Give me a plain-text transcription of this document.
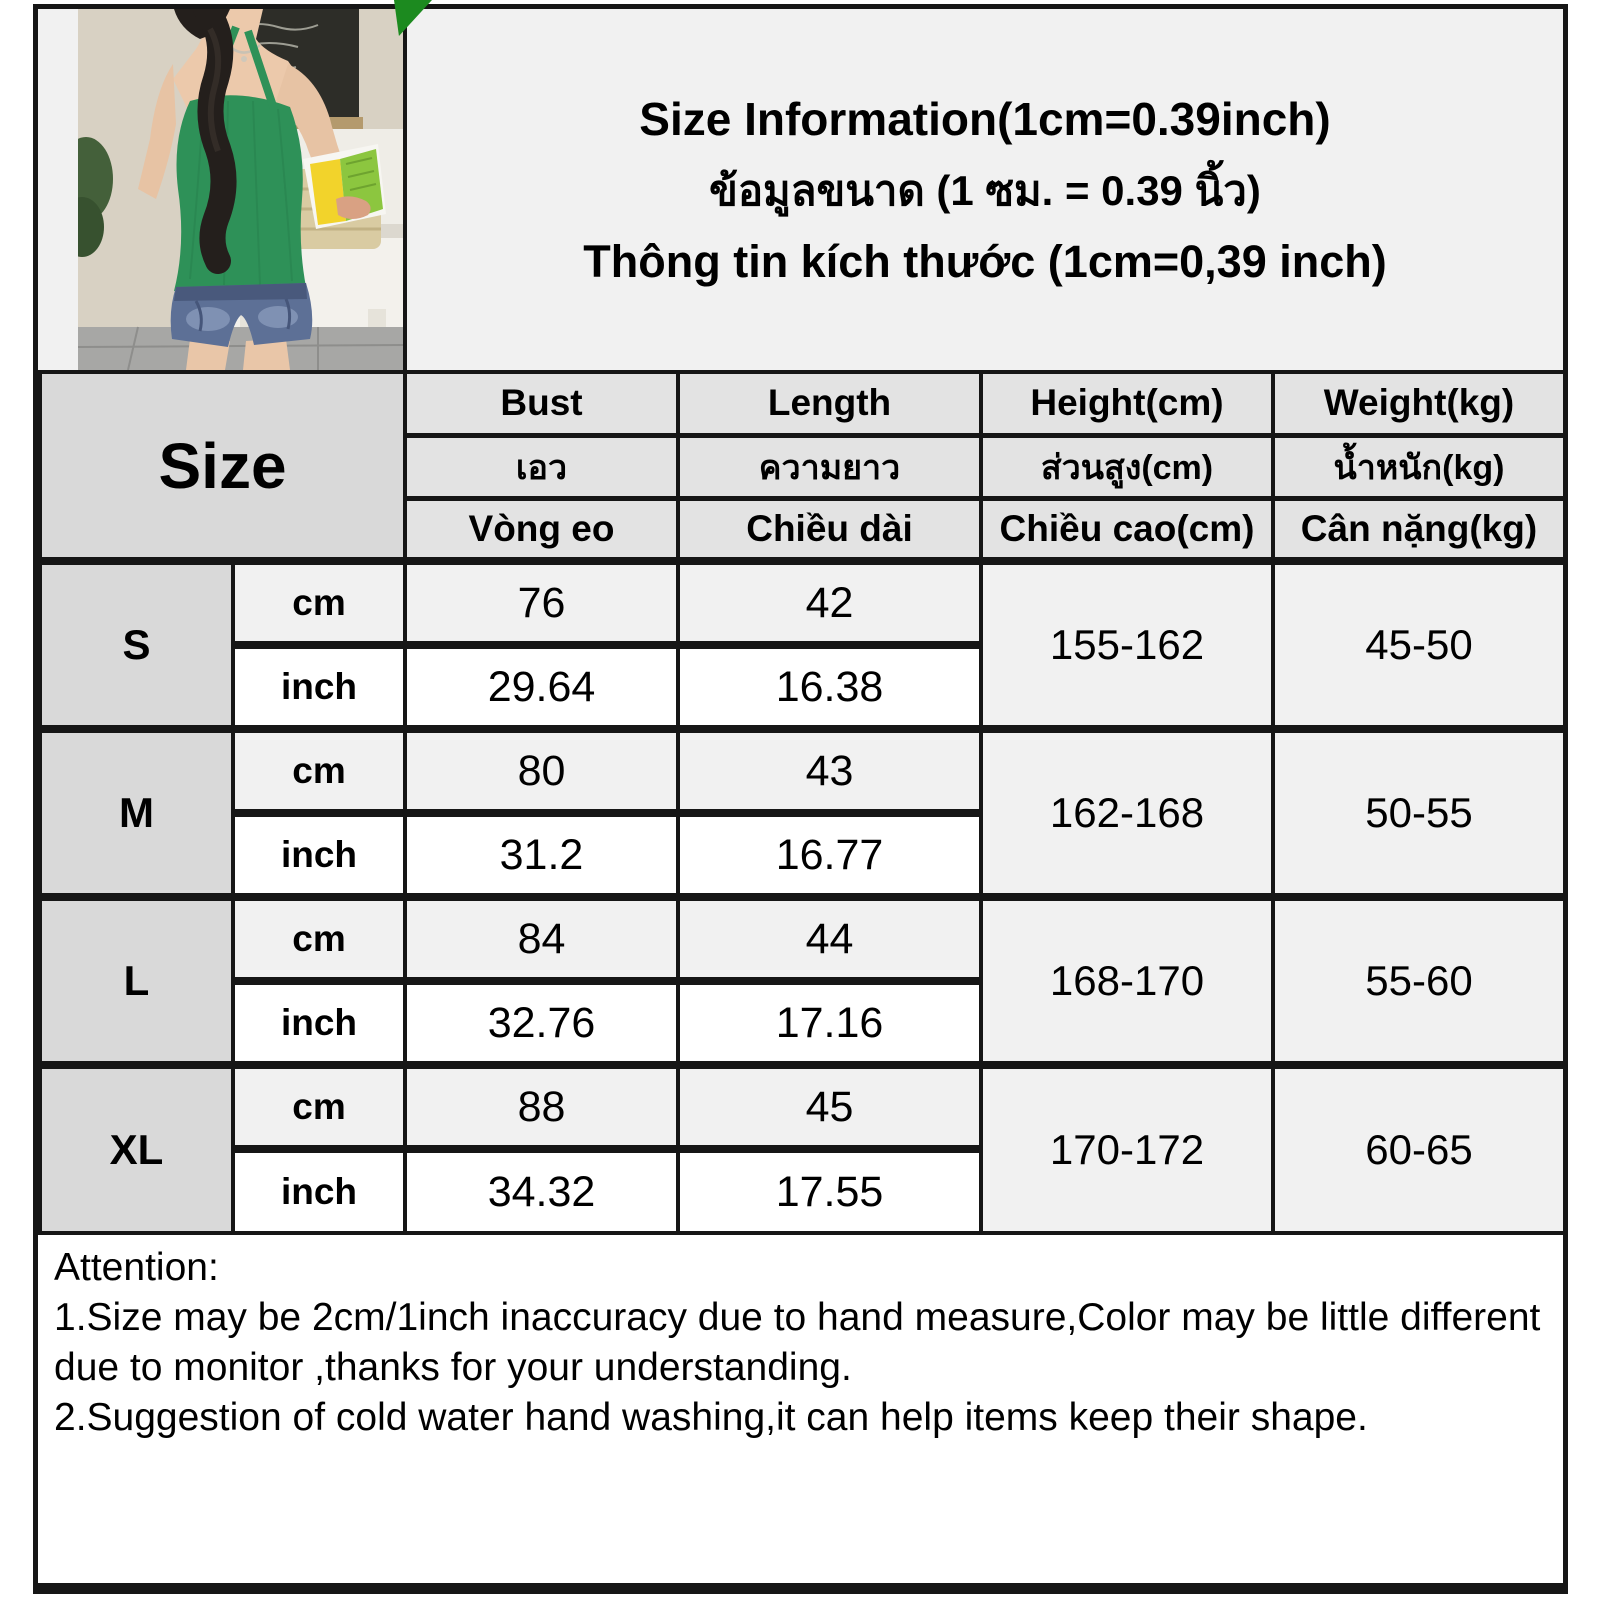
Size Information(1cm=0.39inch)
ข้อมูลขนาด (1 ซม. = 0.39 นิ้ว)
Thông tin kích thước (1cm=0,39 inch)
Size		Bust	Length	Height(cm)	Weight(kg)
		เอว	ความยาว	ส่วนสูง(cm)	น้ำหนัก(kg)
		Vòng eo	Chiều dài	Chiều cao(cm)	Cân nặng(kg)
S	cm	76	42	155-162	45-50
	inch	29.64	16.38		
M	cm	80	43	162-168	50-55
	inch	31.2	16.77		
L	cm	84	44	168-170	55-60
	inch	32.76	17.16		
XL	cm	88	45	170-172	60-65
	inch	34.32	17.55		
Attention:
1.Size may be 2cm/1inch inaccuracy due to hand measure,Color may be little different due to monitor ,thanks for your understanding.
2.Suggestion of cold water hand washing,it can help items keep their shape.
